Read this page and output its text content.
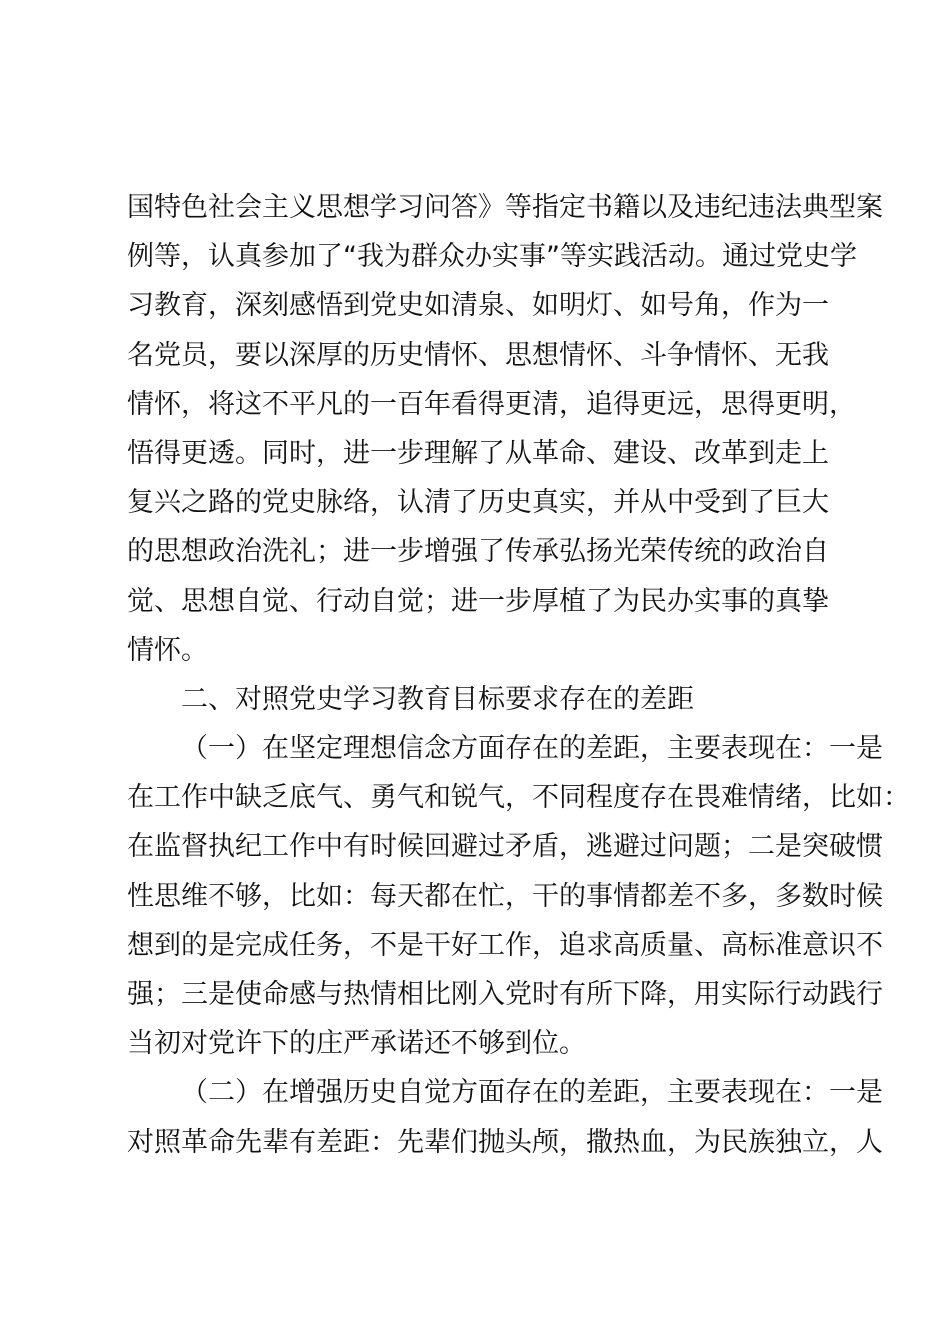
国特色社会主义思想学习问答》等指定书籍以及违纪违法典型案
例等，认真参加了“我为群众办实事”等实践活动。通过党史学
习教育，深刻感悟到党史如清泉、如明灯、如号角，作为一
名党员，要以深厚的历史情怀、思想情怀、斗争情怀、无我
情怀，将这不平凡的一百年看得更清，追得更远，思得更明，
悟得更透。同时，进一步理解了从革命、建设、改革到走上
复兴之路的党史脉络，认清了历史真实，并从中受到了巨大
的思想政治洗礼；进一步增强了传承弘扬光荣传统的政治自
觉、思想自觉、行动自觉；进一步厚植了为民办实事的真挚
情怀。
二、对照党史学习教育目标要求存在的差距
（一）在坚定理想信念方面存在的差距，主要表现在：一是
在工作中缺乏底气、勇气和锐气，不同程度存在畏难情绪，比如：
在监督执纪工作中有时候回避过矛盾，逃避过问题；二是突破惯
性思维不够，比如：每天都在忙，干的事情都差不多，多数时候
想到的是完成任务，不是干好工作，追求高质量、高标准意识不
强；三是使命感与热情相比刚入党时有所下降，用实际行动践行
当初对党许下的庄严承诺还不够到位。
（二）在增强历史自觉方面存在的差距，主要表现在：一是
对照革命先辈有差距：先辈们抛头颅，撒热血，为民族独立，人
